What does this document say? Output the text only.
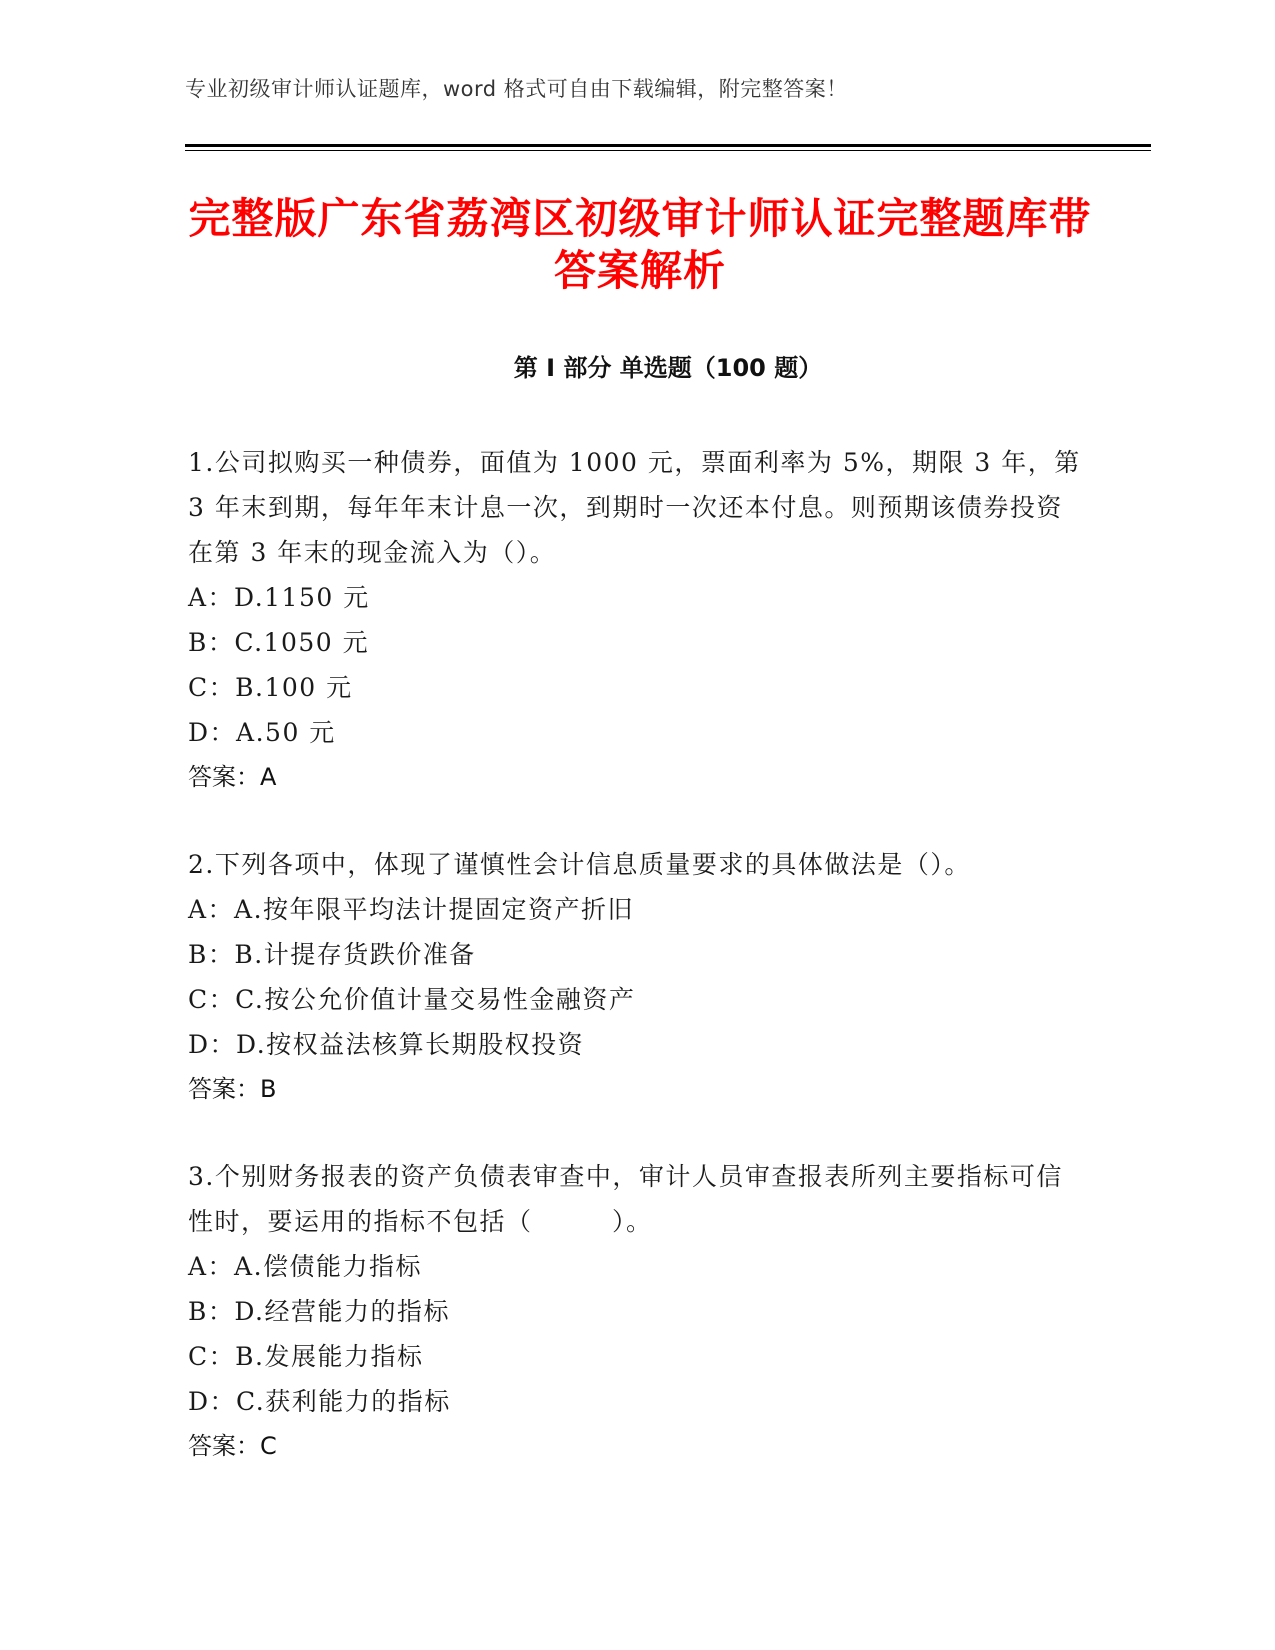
专业初级审计师认证题库，word 格式可自由下载编辑，附完整答案！
完整版广东省荔湾区初级审计师认证完整题库带答案解析
第 I 部分 单选题（100 题）

1.公司拟购买一种债券，面值为 1000 元，票面利率为 5%，期限 3 年，第 3 年末到期，每年年末计息一次，到期时一次还本付息。则预期该债券投资在第 3 年末的现金流入为（）。

A：D.1150 元

B：C.1050 元

C：B.100 元

D：A.50 元

答案：A

2.下列各项中，体现了谨慎性会计信息质量要求的具体做法是（）。

A：A.按年限平均法计提固定资产折旧

B：B.计提存货跌价准备

C：C.按公允价值计量交易性金融资产

D：D.按权益法核算长期股权投资

答案：B

3.个别财务报表的资产负债表审查中，审计人员审查报表所列主要指标可信性时，要运用的指标不包括（　　　）。

A：A.偿债能力指标

B：D.经营能力的指标

C：B.发展能力指标

D：C.获利能力的指标

答案：C
